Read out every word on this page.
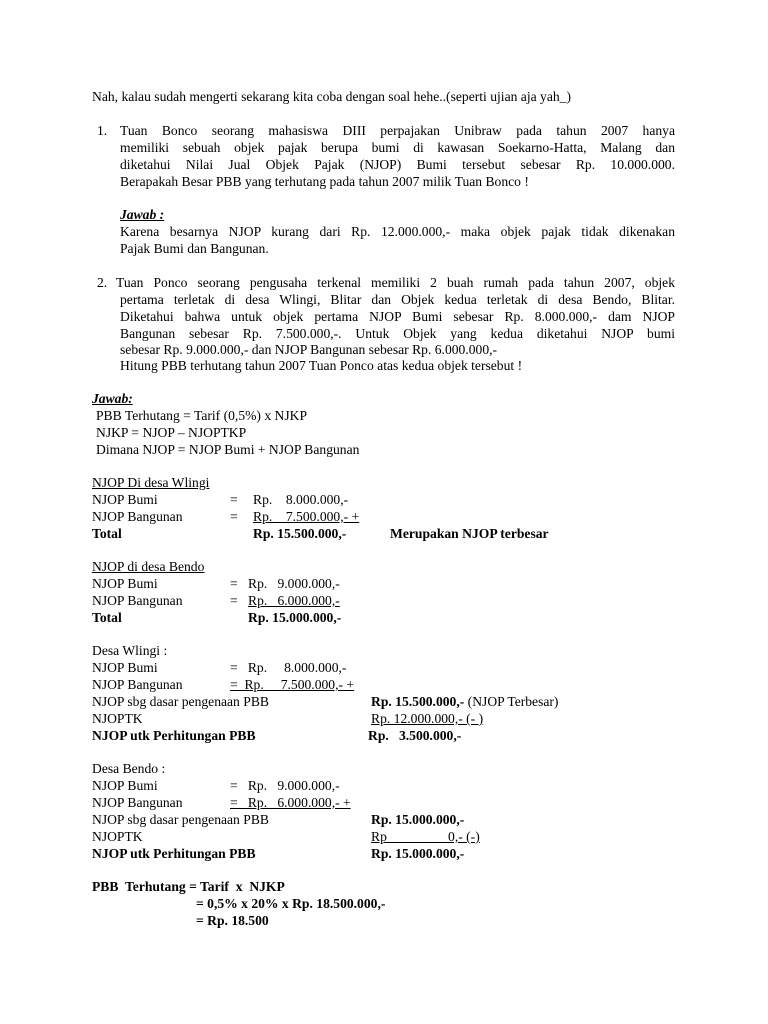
Nah, kalau sudah mengerti sekarang kita coba dengan soal hehe..(seperti ujian aja yah_)
1. Tuan Bonco seorang mahasiswa DIII perpajakan Unibraw pada tahun 2007 hanya
memiliki sebuah objek pajak berupa bumi di kawasan Soekarno-Hatta, Malang dan
diketahui Nilai Jual Objek Pajak (NJOP) Bumi tersebut sebesar Rp. 10.000.000.
Berapakah Besar PBB yang terhutang pada tahun 2007 milik Tuan Bonco !
Jawab :
Karena besarnya NJOP kurang dari Rp. 12.000.000,- maka objek pajak tidak dikenakan
Pajak Bumi dan Bangunan.
2. Tuan Ponco seorang pengusaha terkenal memiliki 2 buah rumah pada tahun 2007, objek
pertama terletak di desa Wlingi, Blitar dan Objek kedua terletak di desa Bendo, Blitar.
Diketahui bahwa untuk objek pertama NJOP Bumi sebesar Rp. 8.000.000,- dam NJOP
Bangunan sebesar Rp. 7.500.000,-. Untuk Objek yang kedua diketahui NJOP bumi
sebesar Rp. 9.000.000,- dan NJOP Bangunan sebesar Rp. 6.000.000,-
Hitung PBB terhutang tahun 2007 Tuan Ponco atas kedua objek tersebut !
Jawab:
PBB Terhutang = Tarif (0,5%) x NJKP
NJKP = NJOP – NJOPTKP
Dimana NJOP = NJOP Bumi + NJOP Bangunan
NJOP Di desa Wlingi
NJOP Bumi	= Rp.    8.000.000,-
NJOP Bangunan	= Rp.    7.500.000,- +
Total	Rp. 15.500.000,-	Merupakan NJOP terbesar
NJOP di desa Bendo
NJOP Bumi	= Rp.   9.000.000,-
NJOP Bangunan	= Rp.   6.000.000,-
Total	Rp. 15.000.000,-
Desa Wlingi :
NJOP Bumi	=   Rp.     8.000.000,-
NJOP Bangunan	=  Rp.     7.500.000,- +
NJOP sbg dasar pengenaan PBB	Rp. 15.500.000,- (NJOP Terbesar)
NJOPTK	Rp. 12.000.000,- (- )
NJOP utk Perhitungan PBB	Rp.   3.500.000,-
Desa Bendo :
NJOP Bumi	=   Rp.   9.000.000,-
NJOP Bangunan	=   Rp.   6.000.000,- +
NJOP sbg dasar pengenaan PBB	Rp. 15.000.000,-
NJOPTK	Rp                  0,- (-)
NJOP utk Perhitungan PBB	Rp. 15.000.000,-
PBB  Terhutang = Tarif  x  NJKP
= 0,5% x 20% x Rp. 18.500.000,-
= Rp. 18.500
